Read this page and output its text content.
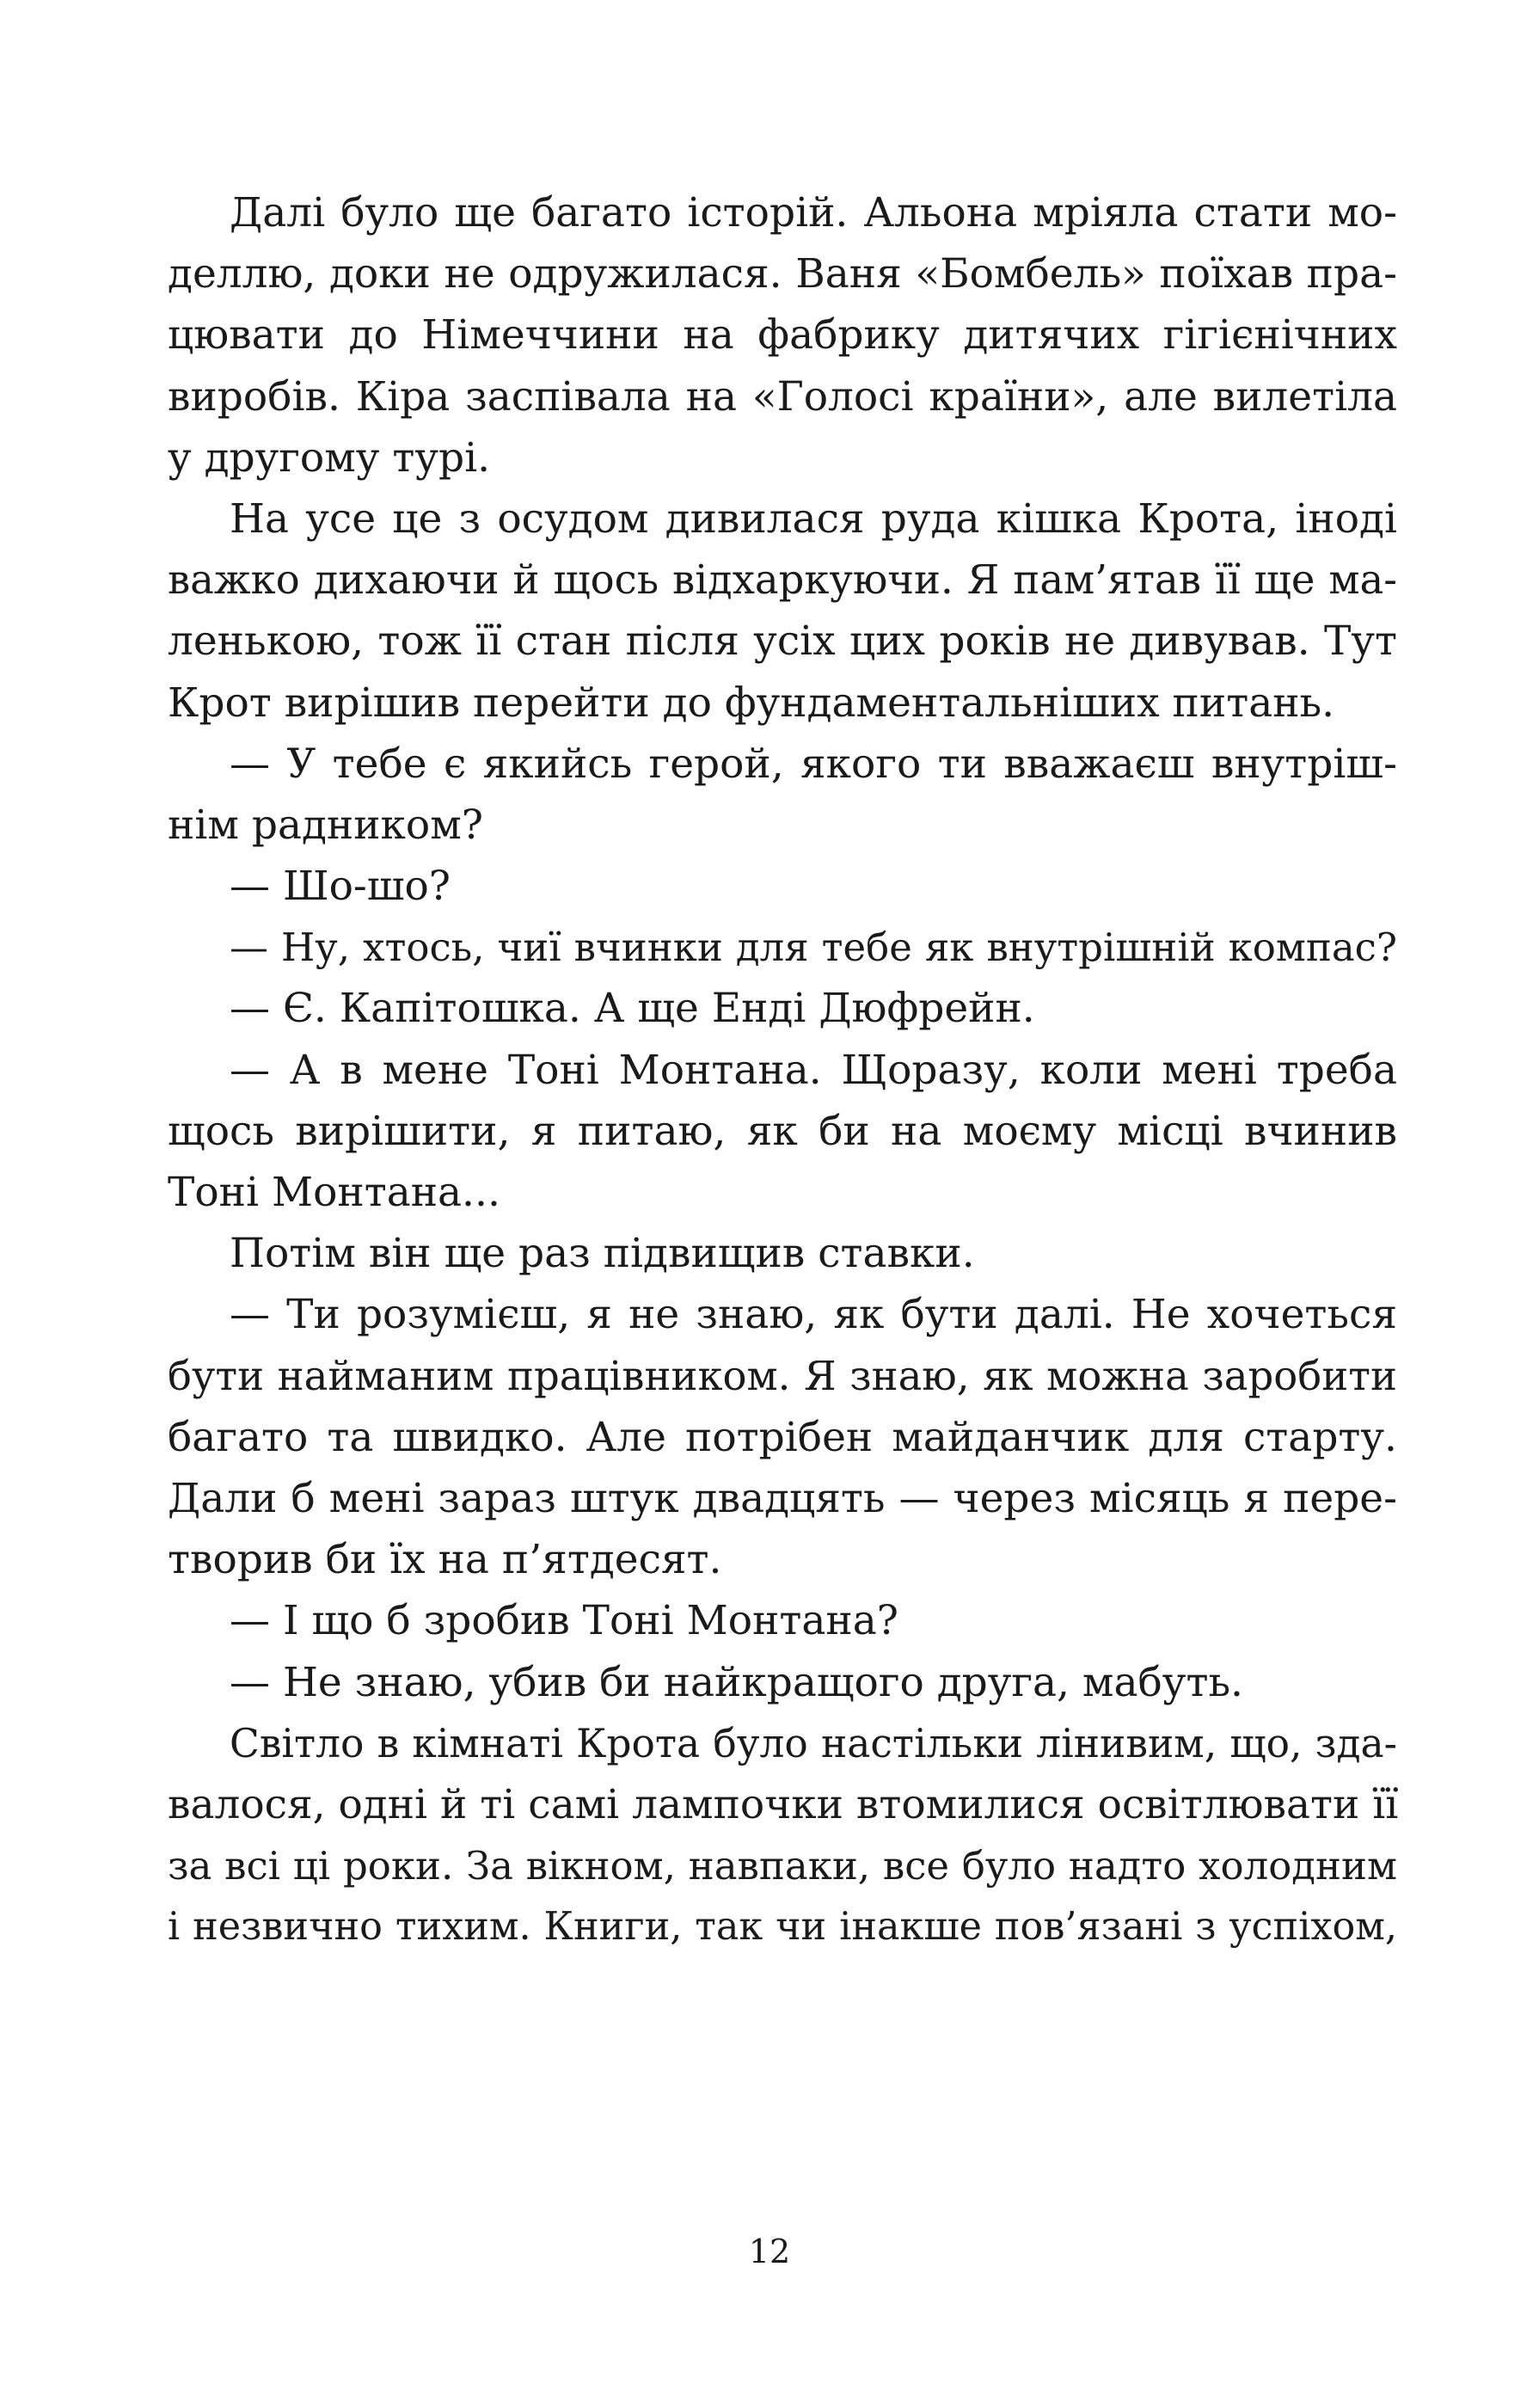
Далі було ще багато історій. Альона мріяла стати мо-
деллю, доки не одружилася. Ваня «Бомбель» поїхав пра-
цювати до Німеччини на фабрику дитячих гігієнічних
виробів. Кіра заспівала на «Голосі країни», але вилетіла
у другому турі.
На усе це з осудом дивилася руда кішка Крота, іноді
важко дихаючи й щось відхаркуючи. Я пам’ятав її ще ма-
ленькою, тож її стан після усіх цих років не дивував. Тут
Крот вирішив перейти до фундаментальніших питань.
— У тебе є якийсь герой, якого ти вважаєш внутріш-
нім радником?
— Шо-шо?
— Ну, хтось, чиї вчинки для тебе як внутрішній компас?
— Є. Капітошка. А ще Енді Дюфрейн.
— А в мене Тоні Монтана. Щоразу, коли мені треба
щось вирішити, я питаю, як би на моєму місці вчинив
Тоні Монтана...
Потім він ще раз підвищив ставки.
— Ти розумієш, я не знаю, як бути далі. Не хочеться
бути найманим працівником. Я знаю, як можна заробити
багато та швидко. Але потрібен майданчик для старту.
Дали б мені зараз штук двадцять — через місяць я пере-
творив би їх на п’ятдесят.
— І що б зробив Тоні Монтана?
— Не знаю, убив би найкращого друга, мабуть.
Світло в кімнаті Крота було настільки лінивим, що, зда-
валося, одні й ті самі лампочки втомилися освітлювати її
за всі ці роки. За вікном, навпаки, все було надто холодним
і незвично тихим. Книги, так чи інакше пов’язані з успіхом,
12
